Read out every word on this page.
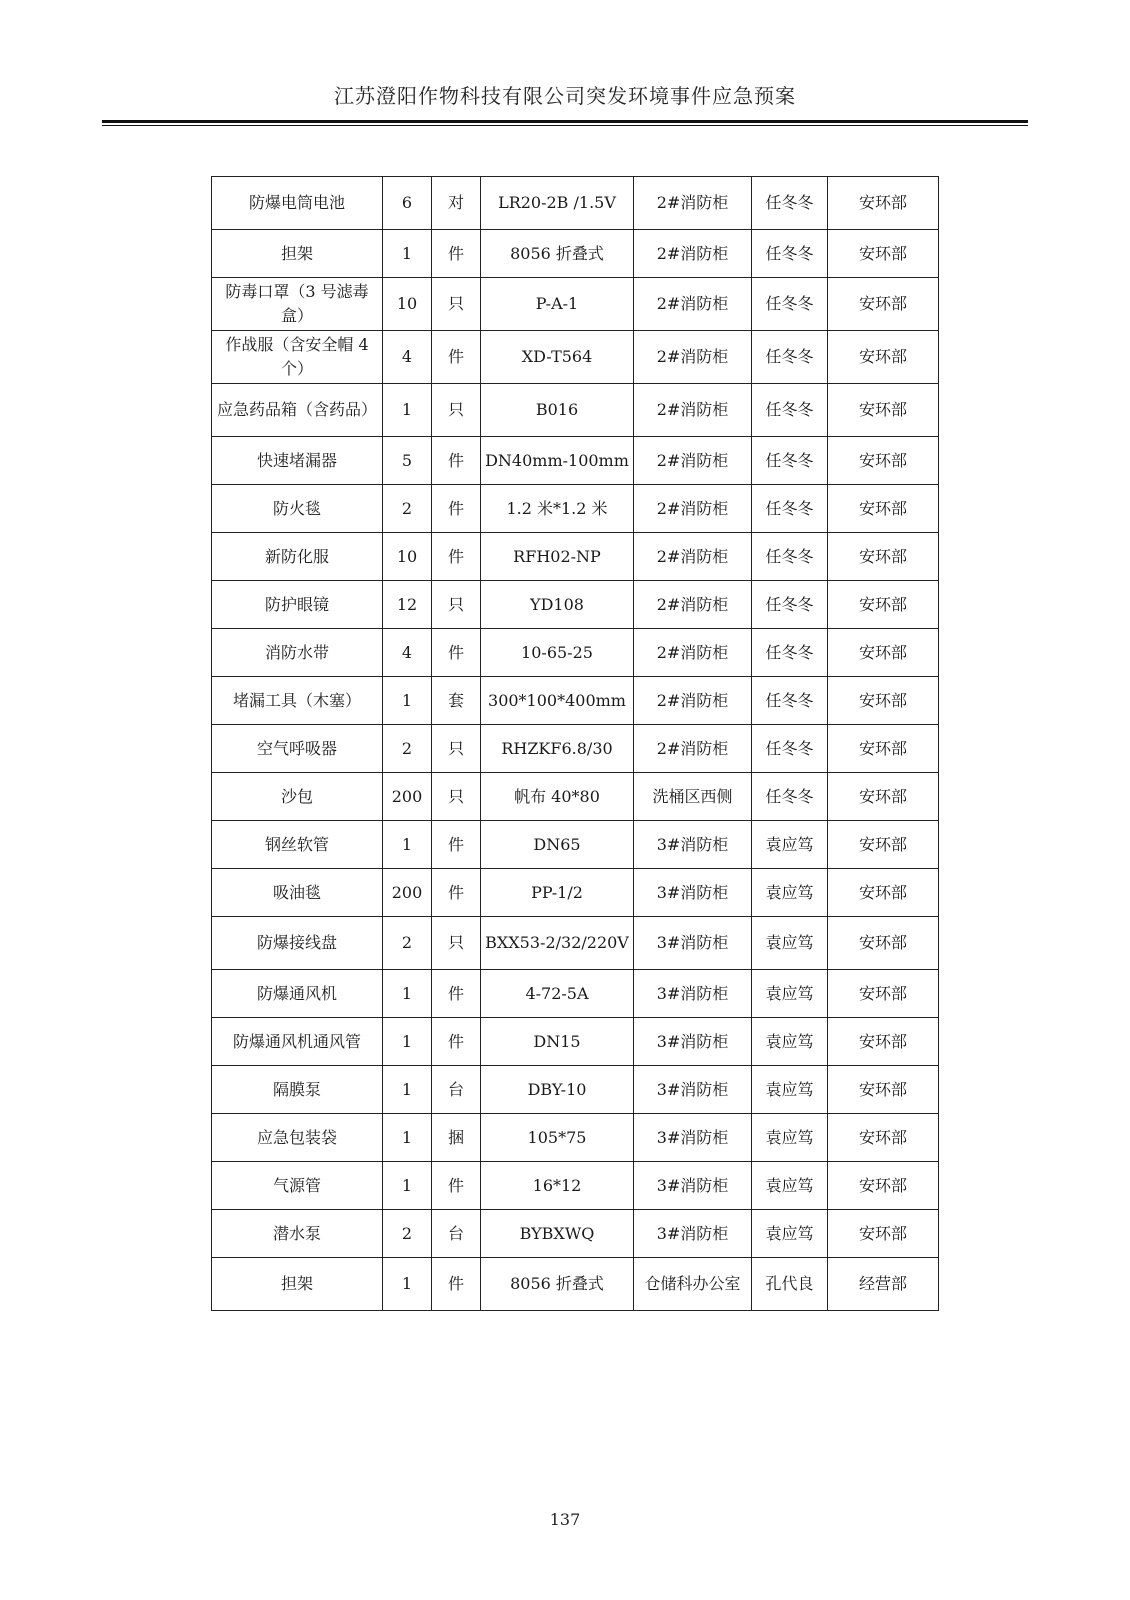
江苏澄阳作物科技有限公司突发环境事件应急预案
防爆电筒电池	6	对	LR20-2B /1.5V	2#消防柜	任冬冬	安环部
担架	1	件	8056 折叠式	2#消防柜	任冬冬	安环部
防毒口罩（3 号滤毒盒）	10	只	P-A-1	2#消防柜	任冬冬	安环部
作战服（含安全帽 4 个）	4	件	XD-T564	2#消防柜	任冬冬	安环部
应急药品箱（含药品）	1	只	B016	2#消防柜	任冬冬	安环部
快速堵漏器	5	件	DN40mm-100mm	2#消防柜	任冬冬	安环部
防火毯	2	件	1.2 米*1.2 米	2#消防柜	任冬冬	安环部
新防化服	10	件	RFH02-NP	2#消防柜	任冬冬	安环部
防护眼镜	12	只	YD108	2#消防柜	任冬冬	安环部
消防水带	4	件	10-65-25	2#消防柜	任冬冬	安环部
堵漏工具（木塞）	1	套	300*100*400mm	2#消防柜	任冬冬	安环部
空气呼吸器	2	只	RHZKF6.8/30	2#消防柜	任冬冬	安环部
沙包	200	只	帆布 40*80	洗桶区西侧	任冬冬	安环部
钢丝软管	1	件	DN65	3#消防柜	袁应笃	安环部
吸油毯	200	件	PP-1/2	3#消防柜	袁应笃	安环部
防爆接线盘	2	只	BXX53-2/32/220V	3#消防柜	袁应笃	安环部
防爆通风机	1	件	4-72-5A	3#消防柜	袁应笃	安环部
防爆通风机通风管	1	件	DN15	3#消防柜	袁应笃	安环部
隔膜泵	1	台	DBY-10	3#消防柜	袁应笃	安环部
应急包装袋	1	捆	105*75	3#消防柜	袁应笃	安环部
气源管	1	件	16*12	3#消防柜	袁应笃	安环部
潜水泵	2	台	BYBXWQ	3#消防柜	袁应笃	安环部
担架	1	件	8056 折叠式	仓储科办公室	孔代良	经营部
137
